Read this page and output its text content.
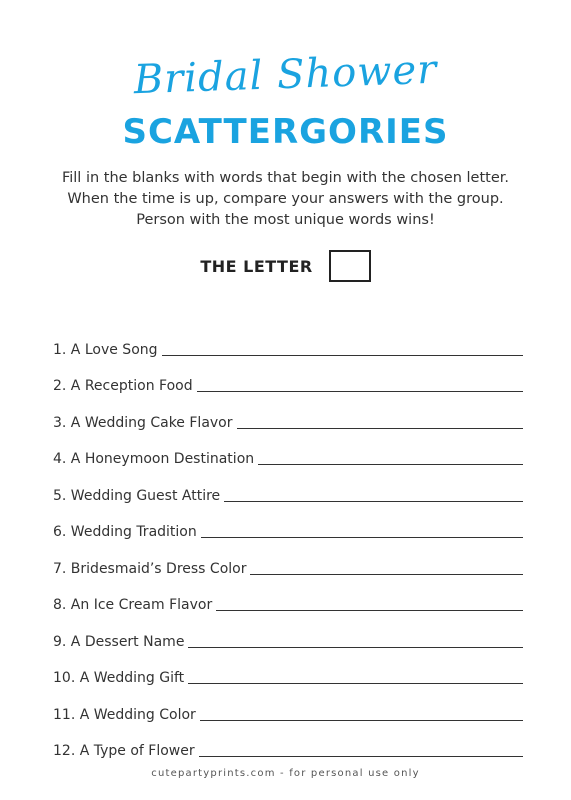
Bridal Shower
SCATTERGORIES
Fill in the blanks with words that begin with the chosen letter.
When the time is up, compare your answers with the group.
Person with the most unique words wins!
THE LETTER
1. A Love Song
2. A Reception Food
3. A Wedding Cake Flavor
4. A Honeymoon Destination
5. Wedding Guest Attire
6. Wedding Tradition
7. Bridesmaid’s Dress Color
8. An Ice Cream Flavor
9. A Dessert Name
10. A Wedding Gift
11. A Wedding Color
12. A Type of Flower
cutepartyprints.com - for personal use only
